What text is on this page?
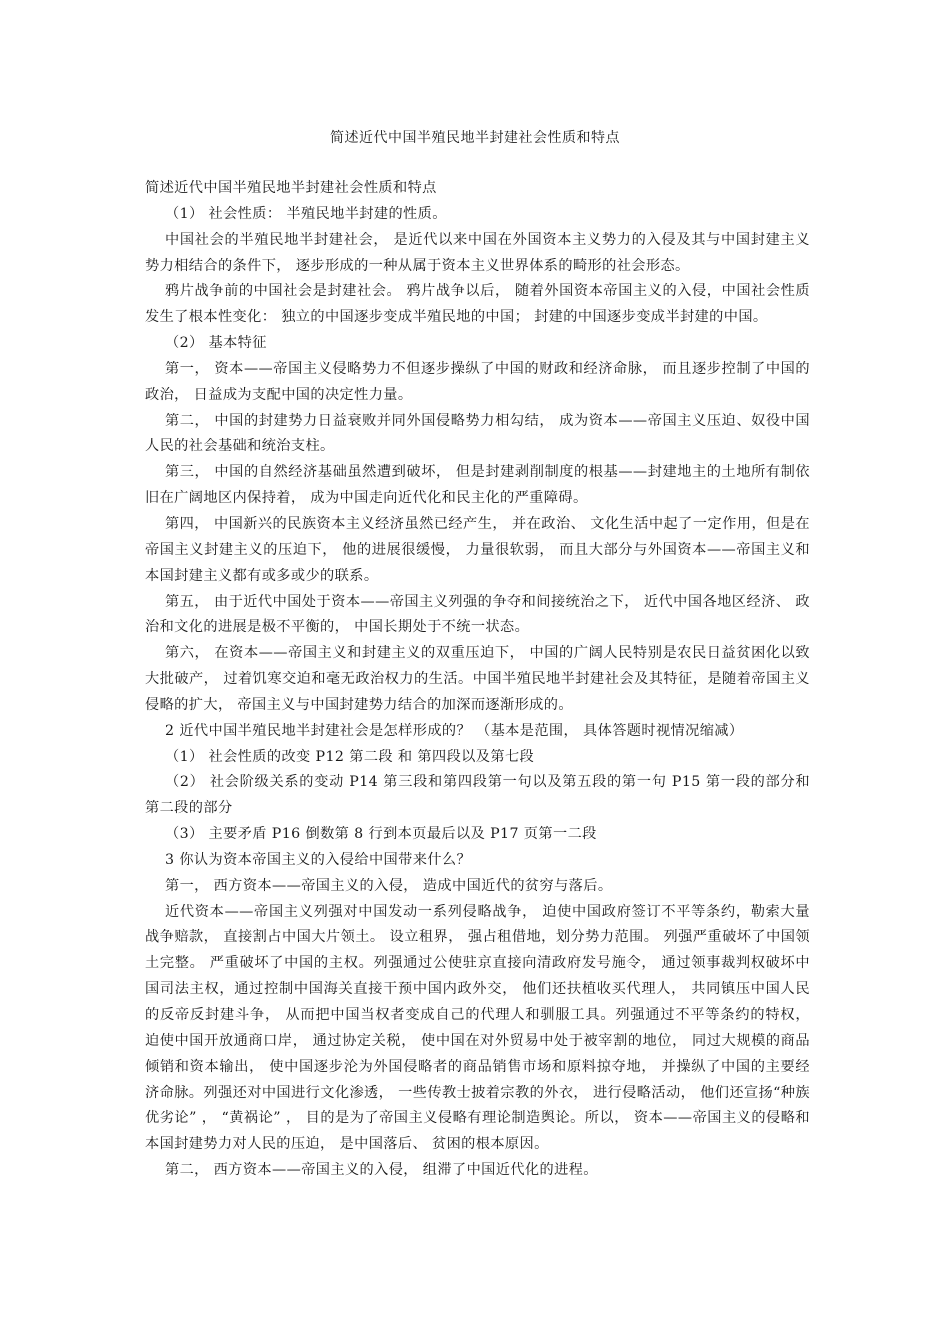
简述近代中国半殖民地半封建社会性质和特点

简述近代中国半殖民地半封建社会性质和特点

（1） 社会性质： 半殖民地半封建的性质。

中国社会的半殖民地半封建社会， 是近代以来中国在外国资本主义势力的入侵及其与中国封建主义势力相结合的条件下， 逐步形成的一种从属于资本主义世界体系的畸形的社会形态。

鸦片战争前的中国社会是封建社会。 鸦片战争以后， 随着外国资本帝国主义的入侵，中国社会性质发生了根本性变化： 独立的中国逐步变成半殖民地的中国； 封建的中国逐步变成半封建的中国。

（2） 基本特征

第一， 资本——帝国主义侵略势力不但逐步操纵了中国的财政和经济命脉， 而且逐步控制了中国的政治， 日益成为支配中国的决定性力量。

第二， 中国的封建势力日益衰败并同外国侵略势力相勾结， 成为资本——帝国主义压迫、奴役中国人民的社会基础和统治支柱。

第三， 中国的自然经济基础虽然遭到破坏， 但是封建剥削制度的根基——封建地主的土地所有制依旧在广阔地区内保持着， 成为中国走向近代化和民主化的严重障碍。

第四， 中国新兴的民族资本主义经济虽然已经产生， 并在政治、 文化生活中起了一定作用，但是在帝国主义封建主义的压迫下， 他的进展很缓慢， 力量很软弱， 而且大部分与外国资本——帝国主义和本国封建主义都有或多或少的联系。

第五， 由于近代中国处于资本——帝国主义列强的争夺和间接统治之下， 近代中国各地区经济、 政治和文化的进展是极不平衡的， 中国长期处于不统一状态。

第六， 在资本——帝国主义和封建主义的双重压迫下， 中国的广阔人民特别是农民日益贫困化以致大批破产， 过着饥寒交迫和毫无政治权力的生活。中国半殖民地半封建社会及其特征，是随着帝国主义侵略的扩大， 帝国主义与中国封建势力结合的加深而逐渐形成的。

2 近代中国半殖民地半封建社会是怎样形成的？ （基本是范围， 具体答题时视情况缩减）

（1） 社会性质的改变 P12 第二段 和 第四段以及第七段

（2） 社会阶级关系的变动 P14 第三段和第四段第一句以及第五段的第一句 P15 第一段的部分和第二段的部分

（3） 主要矛盾 P16 倒数第 8 行到本页最后以及 P17 页第一二段

3 你认为资本帝国主义的入侵给中国带来什么？

第一， 西方资本——帝国主义的入侵， 造成中国近代的贫穷与落后。

近代资本——帝国主义列强对中国发动一系列侵略战争， 迫使中国政府签订不平等条约，勒索大量战争赔款， 直接割占中国大片领土。 设立租界， 强占租借地，划分势力范围。 列强严重破坏了中国领土完整。 严重破坏了中国的主权。列强通过公使驻京直接向清政府发号施令， 通过领事裁判权破坏中国司法主权，通过控制中国海关直接干预中国内政外交， 他们还扶植收买代理人， 共同镇压中国人民的反帝反封建斗争， 从而把中国当权者变成自己的代理人和驯服工具。列强通过不平等条约的特权， 迫使中国开放通商口岸， 通过协定关税， 使中国在对外贸易中处于被宰割的地位， 同过大规模的商品倾销和资本输出， 使中国逐步沦为外国侵略者的商品销售市场和原料掠夺地， 并操纵了中国的主要经济命脉。列强还对中国进行文化渗透， 一些传教士披着宗教的外衣， 进行侵略活动， 他们还宣扬“种族优劣论” ， “黄祸论” ， 目的是为了帝国主义侵略有理论制造舆论。所以， 资本——帝国主义的侵略和本国封建势力对人民的压迫， 是中国落后、 贫困的根本原因。

第二， 西方资本——帝国主义的入侵， 组滞了中国近代化的进程。
